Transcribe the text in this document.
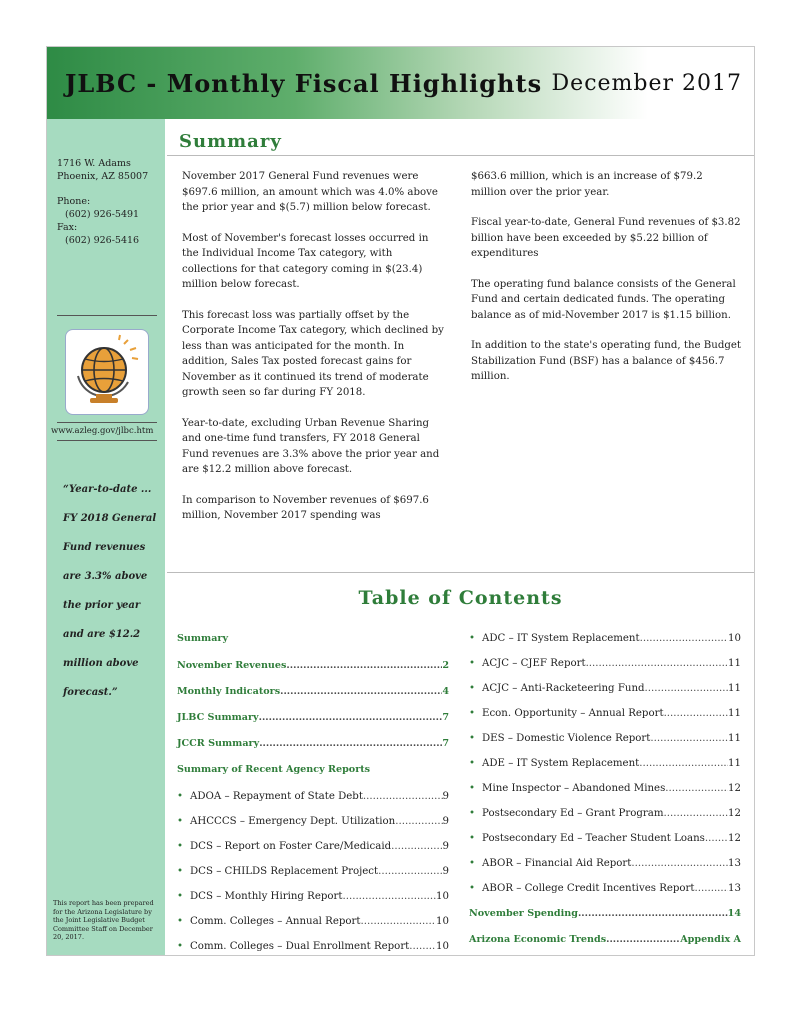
JLBC - Monthly Fiscal Highlights December 2017
1716 W. Adams
Phoenix, AZ 85007
Phone:
(602) 926-5491
Fax:
(602) 926-5416
www.azleg.gov/jlbc.htm
“Year-to-date ... FY 2018 General Fund revenues are 3.3% above the prior year and are $12.2 million above forecast.”
This report has been prepared for the Arizona Legislature by the Joint Legislative Budget Committee Staff on December 20, 2017.
Summary

November 2017 General Fund revenues were $697.6 million, an amount which was 4.0% above the prior year and $(5.7) million below forecast.

Most of November's forecast losses occurred in the Individual Income Tax category, with collections for that category coming in $(23.4) million below forecast.

This forecast loss was partially offset by the Corporate Income Tax category, which declined by less than was anticipated for the month. In addition, Sales Tax posted forecast gains for November as it continued its trend of moderate growth seen so far during FY 2018.

Year-to-date, excluding Urban Revenue Sharing and one-time fund transfers, FY 2018 General Fund revenues are 3.3% above the prior year and are $12.2 million above forecast.

In comparison to November revenues of $697.6 million, November 2017 spending was

$663.6 million, which is an increase of $79.2 million over the prior year.

Fiscal year-to-date, General Fund revenues of $3.82 billion have been exceeded by $5.22 billion of expenditures

The operating fund balance consists of the General Fund and certain dedicated funds. The operating balance as of mid-November 2017 is $1.15 billion.

In addition to the state's operating fund, the Budget Stabilization Fund (BSF) has a balance of $456.7 million.

Table of Contents
Summary
November Revenues .....	2
Monthly Indicators .....	4
JLBC Summary .....	7
JCCR Summary .....	7
Summary of Recent Agency Reports
• ADOA – Repayment of State Debt .....	9
• AHCCCS – Emergency Dept. Utilization .....	9
• DCS – Report on Foster Care/Medicaid .....	9
• DCS – CHILDS Replacement Project .....	9
• DCS – Monthly Hiring Report .....	10
• Comm. Colleges – Annual Report .....	10
• Comm. Colleges – Dual Enrollment Report .....	10
• ADC – IT System Replacement .....	10
• ACJC – CJEF Report .....	11
• ACJC – Anti-Racketeering Fund .....	11
• Econ. Opportunity – Annual Report .....	11
• DES – Domestic Violence Report .....	11
• ADE – IT System Replacement .....	11
• Mine Inspector – Abandoned Mines .....	12
• Postsecondary Ed – Grant Program .....	12
• Postsecondary Ed – Teacher Student Loans ..... 12
• ABOR – Financial Aid Report .....	13
• ABOR – College Credit Incentives Report .....	13
November Spending .....	14
Arizona Economic Trends .....	Appendix A
